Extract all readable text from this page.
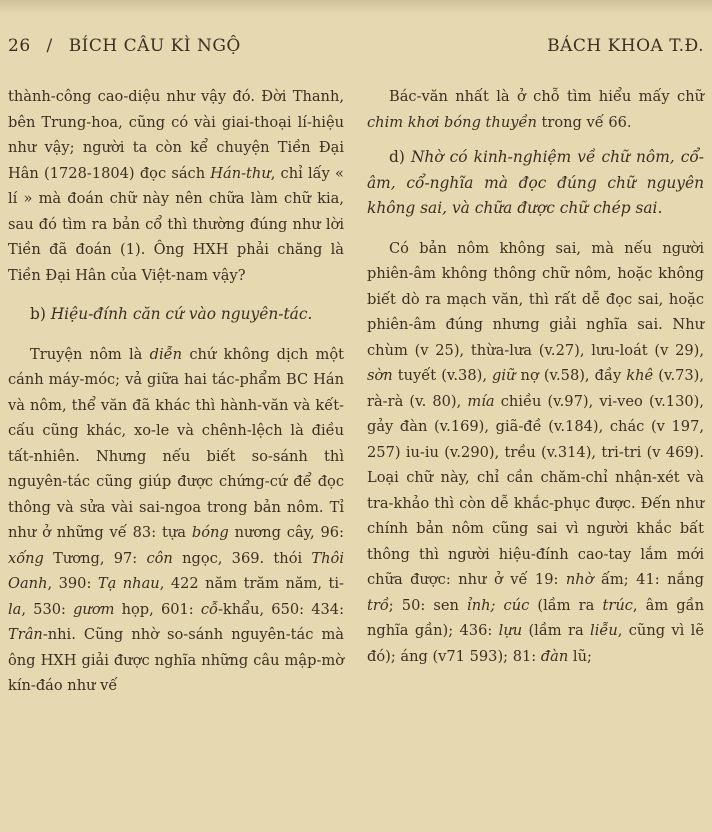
26 / BÍCH CÂU KÌ NGỘ	BÁCH KHOA T.Đ.

thành-công cao-diệu như vậy đó. Đời Thanh, bên Trung-hoa, cũng có vài giai-thoại lí-hiệu như vậy; người ta còn kể chuyện Tiền Đại Hân (1728-1804) đọc sách Hán-thư, chỉ lấy « lí » mà đoán chữ này nên chữa làm chữ kia, sau đó tìm ra bản cổ thì thường đúng như lời Tiền đã đoán (1). Ông HXH phải chăng là Tiền Đại Hân của Việt-nam vậy?

b) Hiệu-đính căn cứ vào nguyên-tác.

Truyện nôm là diễn chứ không dịch một cánh máy-móc; vả giữa hai tác-phẩm BC Hán và nôm, thể văn đã khác thì hành-văn và kết-cấu cũng khác, xo-le và chênh-lệch là điều tất-nhiên. Nhưng nếu biết so-sánh thì nguyên-tác cũng giúp được chứng-cứ để đọc thông và sửa vài sai-ngoa trong bản nôm. Tỉ như ở những vế 83: tựa bóng nương cây, 96: xống Tương, 97: côn ngọc, 369. thói Thôi Oanh, 390: Tạ nhau, 422 năm trăm năm, ti-la, 530: gươm họp, 601: cỗ-khẩu, 650: 434: Trân-nhi. Cũng nhờ so-sánh nguyên-tác mà ông HXH giải được nghĩa những câu mập-mờ kín-đáo như vế

Bác-văn nhất là ở chỗ tìm hiểu mấy chữ chim khơi bóng thuyền trong vế 66.

d) Nhờ có kinh-nghiệm về chữ nôm, cổ-âm, cổ-nghĩa mà đọc đúng chữ nguyên không sai, và chữa được chữ chép sai.

Có bản nôm không sai, mà nếu người phiên-âm không thông chữ nôm, hoặc không biết dò ra mạch văn, thì rất dễ đọc sai, hoặc phiên-âm đúng nhưng giải nghĩa sai. Như chùm (v 25), thừa-lưa (v.27), lưu-loát (v 29), sờn tuyết (v.38), giữ nợ (v.58), đầy khê (v.73), rà-rà (v. 80), mía chiều (v.97), vi-veo (v.130), gảy đàn (v.169), giã-đề (v.184), chác (v 197, 257) iu-iu (v.290), trều (v.314), tri-tri (v 469). Loại chữ này, chỉ cần chăm-chỉ nhận-xét và tra-khảo thì còn dễ khắc-phục được. Đến như chính bản nôm cũng sai vì người khắc bất thông thì người hiệu-đính cao-tay lắm mới chữa được: như ở vế 19: nhờ ấm; 41: nắng trồ; 50: sen ỉnh; cúc (lầm ra trúc, âm gần nghĩa gần); 436: lựu (lầm ra liễu, cũng vì lẽ đó); áng (v71 593); 81: đàn lũ;
